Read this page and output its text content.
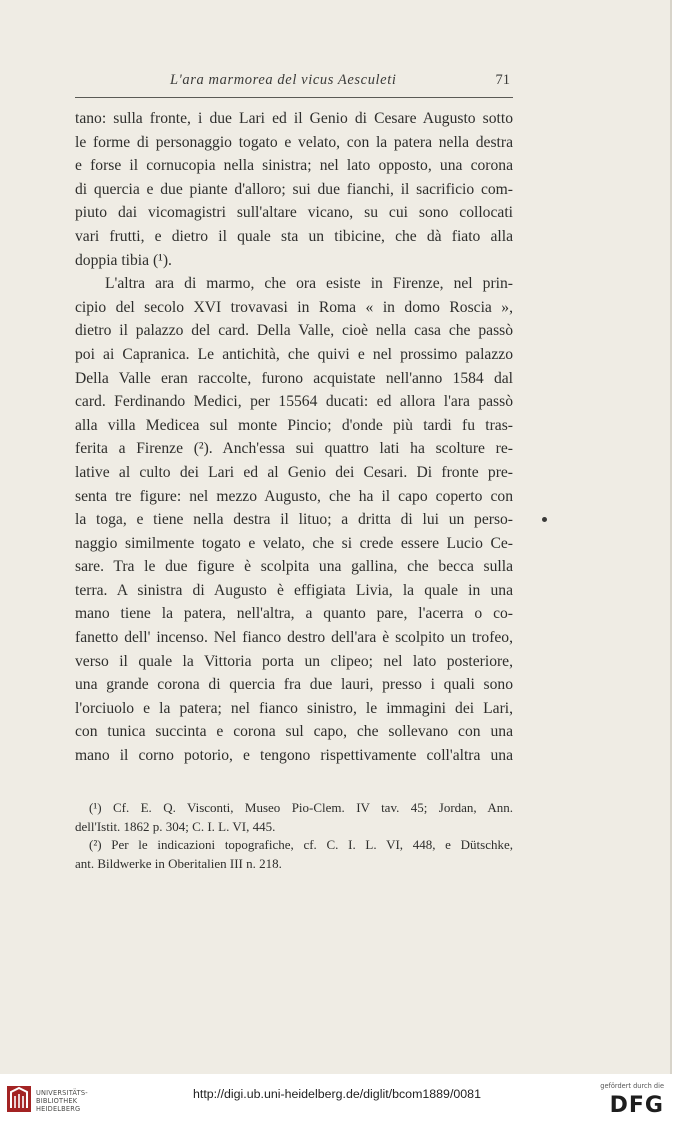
L'ara marmorea del vicus Aesculeti	71
tano: sulla fronte, i due Lari ed il Genio di Cesare Augusto sotto
le forme di personaggio togato e velato, con la patera nella destra
e forse il cornucopia nella sinistra; nel lato opposto, una corona
di quercia e due piante d'alloro; sui due fianchi, il sacrificio com-
piuto dai vicomagistri sull'altare vicano, su cui sono collocati
vari frutti, e dietro il quale sta un tibicine, che dà fiato alla
doppia tibia (¹).
L'altra ara di marmo, che ora esiste in Firenze, nel prin-
cipio del secolo XVI trovavasi in Roma « in domo Roscia »,
dietro il palazzo del card. Della Valle, cioè nella casa che passò
poi ai Capranica. Le antichità, che quivi e nel prossimo palazzo
Della Valle eran raccolte, furono acquistate nell'anno 1584 dal
card. Ferdinando Medici, per 15564 ducati: ed allora l'ara passò
alla villa Medicea sul monte Pincio; d'onde più tardi fu tras-
ferita a Firenze (²). Anch'essa sui quattro lati ha scolture re-
lative al culto dei Lari ed al Genio dei Cesari. Di fronte pre-
senta tre figure: nel mezzo Augusto, che ha il capo coperto con
la toga, e tiene nella destra il lituo; a dritta di lui un perso-
naggio similmente togato e velato, che si crede essere Lucio Ce-
sare. Tra le due figure è scolpita una gallina, che becca sulla
terra. A sinistra di Augusto è effigiata Livia, la quale in una
mano tiene la patera, nell'altra, a quanto pare, l'acerra o co-
fanetto dell' incenso. Nel fianco destro dell'ara è scolpito un trofeo,
verso il quale la Vittoria porta un clipeo; nel lato posteriore,
una grande corona di quercia fra due lauri, presso i quali sono
l'orciuolo e la patera; nel fianco sinistro, le immagini dei Lari,
con tunica succinta e corona sul capo, che sollevano con una
mano il corno potorio, e tengono rispettivamente coll'altra una
(¹) Cf. E. Q. Visconti, Museo Pio-Clem. IV tav. 45; Jordan, Ann.
dell'Istit. 1862 p. 304; C. I. L. VI, 445.
(²) Per le indicazioni topografiche, cf. C. I. L. VI, 448, e Dütschke,
ant. Bildwerke in Oberitalien III n. 218.
UNIVERSITÄTS-
BIBLIOTHEK
HEIDELBERG
http://digi.ub.uni-heidelberg.de/diglit/bcom1889/0081
gefördert durch die
DFG
